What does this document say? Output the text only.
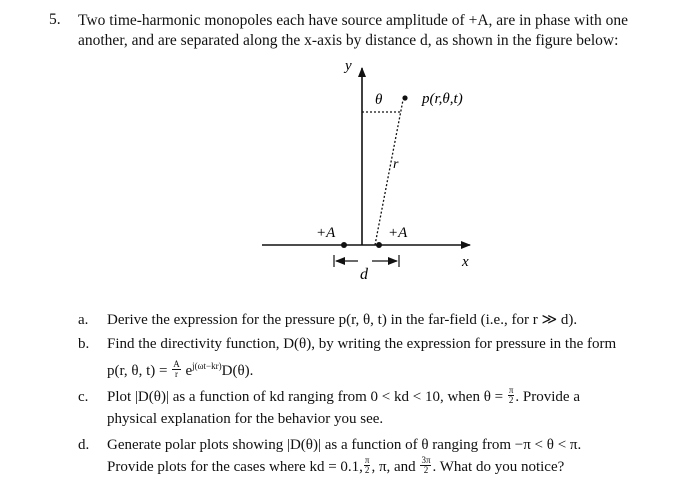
5. Two time-harmonic monopoles each have source amplitude of +A, are in phase with one
another, and are separated along the x-axis by distance d, as shown in the figure below:
y
x
θ	p(r,θ,t)
r
+A	+A
d
a. Derive the expression for the pressure p(r, θ, t) in the far-field (i.e., for r ≫ d).
b. Find the directivity function, D(θ), by writing the expression for pressure in the form
p(r, θ, $t) = \frac{A}{r} e^{j(\omega t-kr)}D(\theta)$.
c. Plot |D(θ)| as a function of kd ranging from 0 < kd < 10, when $\theta = \frac{\pi}{2}$ . Provide a
physical explanation for the behavior you see.
d. Generate polar plots showing |D(θ)| as a function of θ ranging from −π < θ < π.
Provide plots for the cases where kd = 0.1, $\frac{\pi}{2}$ , π, and $\frac{3\pi}{2}$ . What do you notice?
